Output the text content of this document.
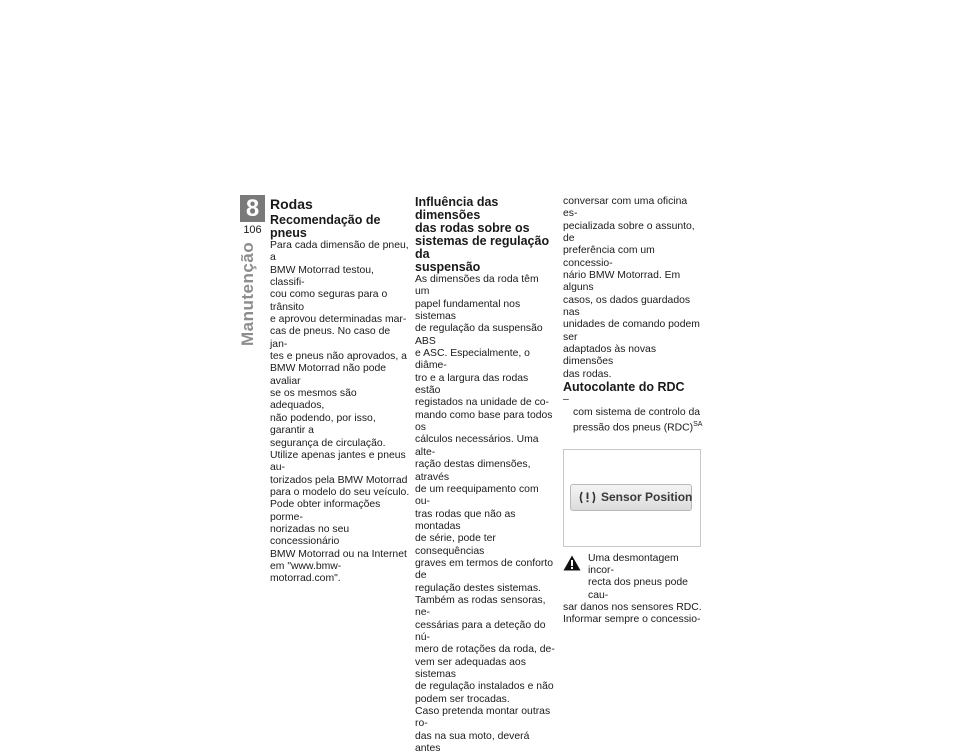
8
106
Manutenção
Rodas
Recomendação de pneus

Para cada dimensão de pneu, a
BMW Motorrad testou, classifi-
cou como seguras para o trânsito
e aprovou determinadas mar-
cas de pneus. No caso de jan-
tes e pneus não aprovados, a
BMW Motorrad não pode avaliar
se os mesmos são adequados,
não podendo, por isso, garantir a
segurança de circulação.

Utilize apenas jantes e pneus au-
torizados pela BMW Motorrad
para o modelo do seu veículo.

Pode obter informações porme-
norizadas no seu concessionário
BMW Motorrad ou na Internet
em "www.bmw-motorrad.com".

Influência das dimensões
das rodas sobre os
sistemas de regulação da
suspensão

As dimensões da roda têm um
papel fundamental nos sistemas
de regulação da suspensão ABS
e ASC. Especialmente, o diâme-
tro e a largura das rodas estão
registados na unidade de co-
mando como base para todos os
cálculos necessários. Uma alte-
ração destas dimensões, através
de um reequipamento com ou-
tras rodas que não as montadas
de série, pode ter consequências
graves em termos de conforto de
regulação destes sistemas.

Também as rodas sensoras, ne-
cessárias para a deteção do nú-
mero de rotações da roda, de-
vem ser adequadas aos sistemas
de regulação instalados e não
podem ser trocadas.

Caso pretenda montar outras ro-
das na sua moto, deverá antes

conversar com uma oficina es-
pecializada sobre o assunto, de
preferência com um concessio-
nário BMW Motorrad. Em alguns
casos, os dados guardados nas
unidades de comando podem ser
adaptados às novas dimensões
das rodas.

Autocolante do RDC

–
com sistema de controlo da
pressão dos pneus (RDC)$^{SA}$

Sensor Position
Uma desmontagem incor-
recta dos pneus pode cau-
sar danos nos sensores RDC.
Informar sempre o concessio-
